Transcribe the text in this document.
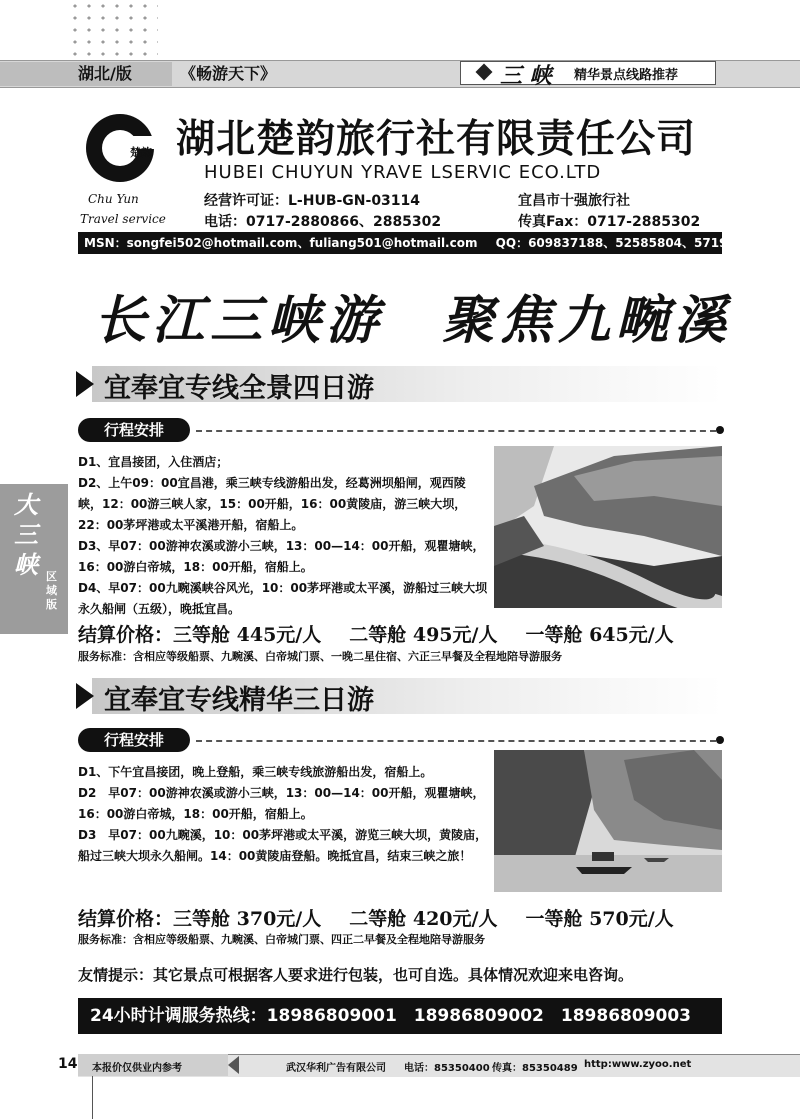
湖北/版	《畅游天下》	三 峡 精华景点线路推荐
楚韵
Chu Yun
Travel service
湖北楚韵旅行社有限责任公司
HUBEI CHUYUN YRAVE LSERVIC ECO.LTD
经营许可证：L-HUB-GN-03114	宜昌市十强旅行社
电话：0717-2880866、2885302	传真Fax：0717-2885302
MSN：songfei502@hotmail.com、fuliang501@hotmail.com QQ：609837188、52585804、571984
长江三峡游　聚焦九畹溪
宜奉宜专线全景四日游
行程安排

D1、宜昌接团，入住酒店；

D2、上午09：00宜昌港，乘三峡专线游船出发，经葛洲坝船闸，观西陵峡，12：00游三峡人家，15：00开船，16：00黄陵庙，游三峡大坝，22：00茅坪港或太平溪港开船，宿船上。

D3、早07：00游神农溪或游小三峡，13：00—14：00开船，观瞿塘峡，16：00游白帝城，18：00开船，宿船上。

D4、早07：00九畹溪峡谷风光，10：00茅坪港或太平溪，游船过三峡大坝永久船闸（五级），晚抵宜昌。

结算价格：三等舱 445元/人 二等舱 495元/人 一等舱 645元/人
服务标准：含相应等级船票、九畹溪、白帝城门票、一晚二星住宿、六正三早餐及全程地陪导游服务
宜奉宜专线精华三日游
行程安排

D1、下午宜昌接团，晚上登船，乘三峡专线旅游船出发，宿船上。

D2　早07：00游神农溪或游小三峡，13：00—14：00开船，观瞿塘峡，16：00游白帝城，18：00开船，宿船上。

D3　早07：00九畹溪，10：00茅坪港或太平溪，游览三峡大坝，黄陵庙，船过三峡大坝永久船闸。14：00黄陵庙登船。晚抵宜昌，结束三峡之旅！

结算价格：三等舱 370元/人 二等舱 420元/人 一等舱 570元/人
服务标准：含相应等级船票、九畹溪、白帝城门票、四正二早餐及全程地陪导游服务
大三峡 区域版
友情提示：其它景点可根据客人要求进行包装，也可自选。具体情况欢迎来电咨询。
24小时计调服务热线：18986809001　18986809002　18986809003
14 本报价仅供业内参考	武汉华利广告有限公司 电话：85350400 传真：85350489 http:www.zyoo.net
